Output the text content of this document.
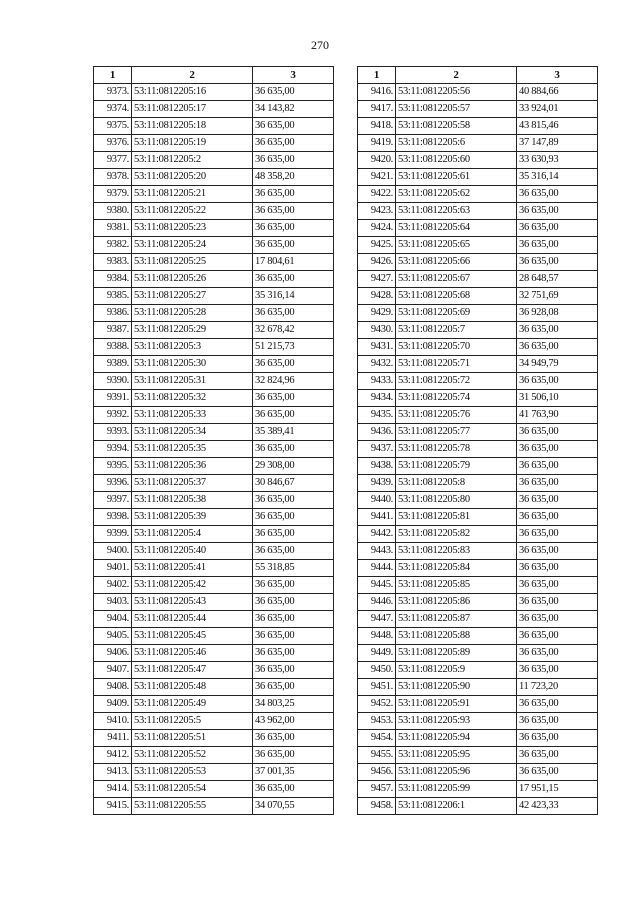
270
1	2	3
9373.	53:11:0812205:16	36 635,00
9374.	53:11:0812205:17	34 143,82
9375.	53:11:0812205:18	36 635,00
9376.	53:11:0812205:19	36 635,00
9377.	53:11:0812205:2	36 635,00
9378.	53:11:0812205:20	48 358,20
9379.	53:11:0812205:21	36 635,00
9380.	53:11:0812205:22	36 635,00
9381.	53:11:0812205:23	36 635,00
9382.	53:11:0812205:24	36 635,00
9383.	53:11:0812205:25	17 804,61
9384.	53:11:0812205:26	36 635,00
9385.	53:11:0812205:27	35 316,14
9386.	53:11:0812205:28	36 635,00
9387.	53:11:0812205:29	32 678,42
9388.	53:11:0812205:3	51 215,73
9389.	53:11:0812205:30	36 635,00
9390.	53:11:0812205:31	32 824,96
9391.	53:11:0812205:32	36 635,00
9392.	53:11:0812205:33	36 635,00
9393.	53:11:0812205:34	35 389,41
9394.	53:11:0812205:35	36 635,00
9395.	53:11:0812205:36	29 308,00
9396.	53:11:0812205:37	30 846,67
9397.	53:11:0812205:38	36 635,00
9398.	53:11:0812205:39	36 635,00
9399.	53:11:0812205:4	36 635,00
9400.	53:11:0812205:40	36 635,00
9401.	53:11:0812205:41	55 318,85
9402.	53:11:0812205:42	36 635,00
9403.	53:11:0812205:43	36 635,00
9404.	53:11:0812205:44	36 635,00
9405.	53:11:0812205:45	36 635,00
9406.	53:11:0812205:46	36 635,00
9407.	53:11:0812205:47	36 635,00
9408.	53:11:0812205:48	36 635,00
9409.	53:11:0812205:49	34 803,25
9410.	53:11:0812205:5	43 962,00
9411.	53:11:0812205:51	36 635,00
9412.	53:11:0812205:52	36 635,00
9413.	53:11:0812205:53	37 001,35
9414.	53:11:0812205:54	36 635,00
9415.	53:11:0812205:55	34 070,55
1	2	3
9416.	53:11:0812205:56	40 884,66
9417.	53:11:0812205:57	33 924,01
9418.	53:11:0812205:58	43 815,46
9419.	53:11:0812205:6	37 147,89
9420.	53:11:0812205:60	33 630,93
9421.	53:11:0812205:61	35 316,14
9422.	53:11:0812205:62	36 635,00
9423.	53:11:0812205:63	36 635,00
9424.	53:11:0812205:64	36 635,00
9425.	53:11:0812205:65	36 635,00
9426.	53:11:0812205:66	36 635,00
9427.	53:11:0812205:67	28 648,57
9428.	53:11:0812205:68	32 751,69
9429.	53:11:0812205:69	36 928,08
9430.	53:11:0812205:7	36 635,00
9431.	53:11:0812205:70	36 635,00
9432.	53:11:0812205:71	34 949,79
9433.	53:11:0812205:72	36 635,00
9434.	53:11:0812205:74	31 506,10
9435.	53:11:0812205:76	41 763,90
9436.	53:11:0812205:77	36 635,00
9437.	53:11:0812205:78	36 635,00
9438.	53:11:0812205:79	36 635,00
9439.	53:11:0812205:8	36 635,00
9440.	53:11:0812205:80	36 635,00
9441.	53:11:0812205:81	36 635,00
9442.	53:11:0812205:82	36 635,00
9443.	53:11:0812205:83	36 635,00
9444.	53:11:0812205:84	36 635,00
9445.	53:11:0812205:85	36 635,00
9446.	53:11:0812205:86	36 635,00
9447.	53:11:0812205:87	36 635,00
9448.	53:11:0812205:88	36 635,00
9449.	53:11:0812205:89	36 635,00
9450.	53:11:0812205:9	36 635,00
9451.	53:11:0812205:90	11 723,20
9452.	53:11:0812205:91	36 635,00
9453.	53:11:0812205:93	36 635,00
9454.	53:11:0812205:94	36 635,00
9455.	53:11:0812205:95	36 635,00
9456.	53:11:0812205:96	36 635,00
9457.	53:11:0812205:99	17 951,15
9458.	53:11:0812206:1	42 423,33
